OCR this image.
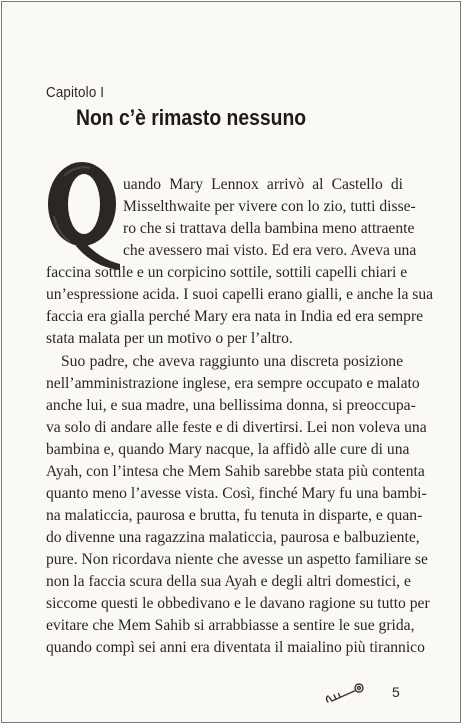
Capitolo I
Non c’è rimasto nessuno
uando Mary Lennox arrivò al Castello di
Misselthwaite per vivere con lo zio, tutti disse-
ro che si trattava della bambina meno attraente
che avessero mai visto. Ed era vero. Aveva una
faccina sottile e un corpicino sottile, sottili capelli chiari e
un’espressione acida. I suoi capelli erano gialli, e anche la sua
faccia era gialla perché Mary era nata in India ed era sempre
stata malata per un motivo o per l’altro.
Suo padre, che aveva raggiunto una discreta posizione
nell’amministrazione inglese, era sempre occupato e malato
anche lui, e sua madre, una bellissima donna, si preoccupa-
va solo di andare alle feste e di divertirsi. Lei non voleva una
bambina e, quando Mary nacque, la affidò alle cure di una
Ayah, con l’intesa che Mem Sahib sarebbe stata più contenta
quanto meno l’avesse vista. Così, finché Mary fu una bambi-
na malaticcia, paurosa e brutta, fu tenuta in disparte, e quan-
do divenne una ragazzina malaticcia, paurosa e balbuziente,
pure. Non ricordava niente che avesse un aspetto familiare se
non la faccia scura della sua Ayah e degli altri domestici, e
siccome questi le obbedivano e le davano ragione su tutto per
evitare che Mem Sahib si arrabbiasse a sentire le sue grida,
quando compì sei anni era diventata il maialino più tirannico
5
